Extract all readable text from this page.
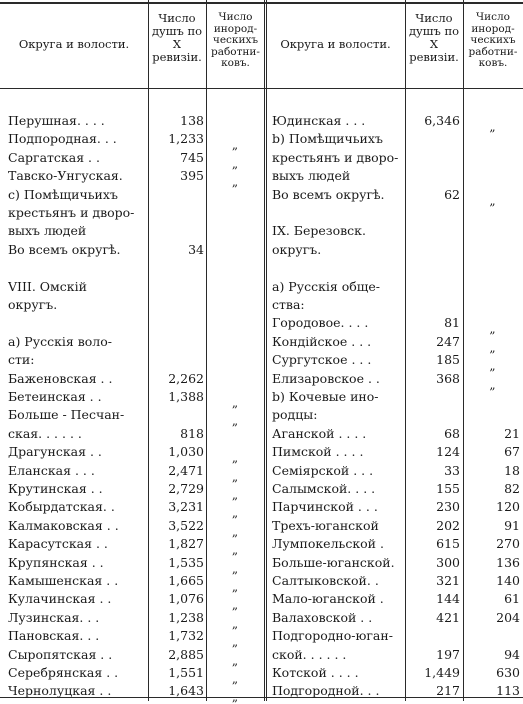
Округа и волости.
Число душъ по X ревизіи.
Число инород-ческихъ работни-ковъ.
Округа и волости.
Число душъ по X ревизіи.
Число инород-ческихъ работни-ковъ.
Перушная. . . .	138
Подпородная. . .	1,233	„
Саргатская . .	745	„
Тавско-Унгуская.	395	„
с) Помѣщичьихъ
крестьянъ и дворо-
выхъ людей
Во всемъ округѣ.	34
VIII. Омскій
округъ.
а) Русскія воло-
сти:
Баженовская . .	2,262
Бетеинская . .	1,388	„
Больше - Песчан-	„
ская. . . . . .	818
Драгунская . .	1,030	„
Еланская . . .	2,471	„
Крутинская . .	2,729	„
Кобырдатская. .	3,231	„
Калмаковская . .	3,522	„
Карасутская . .	1,827	„
Крупянская . .	1,535	„
Камышенская . .	1,665	„
Кулачинская . .	1,076	„
Лузинская. . .	1,238	„
Пановская. . .	1,732	„
Сыропятская . .	2,885	„
Серебрянская . .	1,551	„
Чернолуцкая . .	1,643	„
Юдинская . . .	6,346	„
b) Помѣщичьихъ
крестьянъ и дворо-
выхъ людей
Во всемъ округѣ.	62	„
IX. Березовск.
округъ.
а) Русскія обще-
ства:
Городовое. . . .	81	„
Кондійское . . .	247	„
Сургутское . . .	185	„
Елизаровское . .	368	„
b) Кочевые ино-
родцы:
Аганской . . . .	68	21
Пимской . . . .	124	67
Семіярской . . .	33	18
Салымской. . . .	155	82
Парчинской . . .	230	120
Трехъ-юганской	202	91
Лумпокельской .	615	270
Больше-юганской.	300	136
Салтыковской. .	321	140
Мало-юганской .	144	61
Валаховской . .	421	204
Подгородно-юган-
ской. . . . . .	197	94
Котской . . . .	1,449	630
Подгородной. . .	217	113
